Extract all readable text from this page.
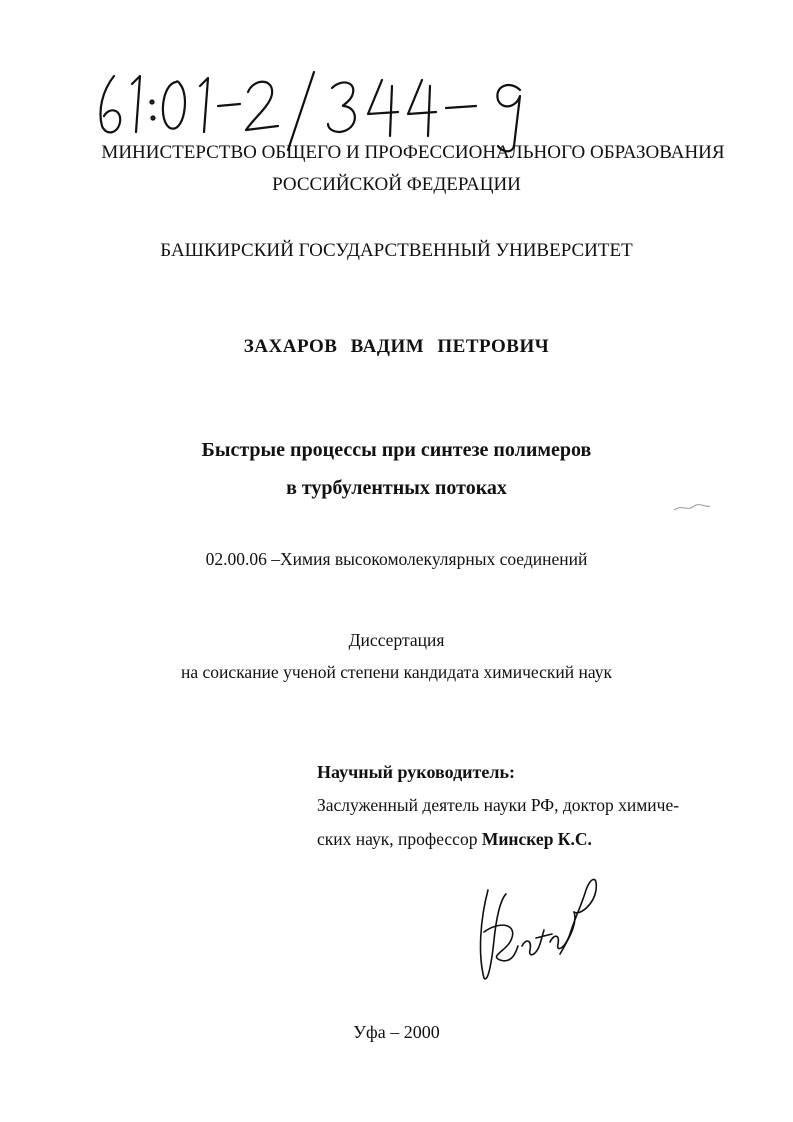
МИНИСТЕРСТВО ОБЩЕГО И ПРОФЕССИОНАЛЬНОГО ОБРАЗОВАНИЯ
РОССИЙСКОЙ ФЕДЕРАЦИИ
БАШКИРСКИЙ ГОСУДАРСТВЕННЫЙ УНИВЕРСИТЕТ
ЗАХАРОВ ВАДИМ ПЕТРОВИЧ
Быстрые процессы при синтезе полимеров
в турбулентных потоках
02.00.06 –Химия высокомолекулярных соединений
Диссертация
на соискание ученой степени кандидата химический наук
Научный руководитель:
Заслуженный деятель науки РФ, доктор химиче-
ских наук, профессор Минскер К.С.
Уфа – 2000
